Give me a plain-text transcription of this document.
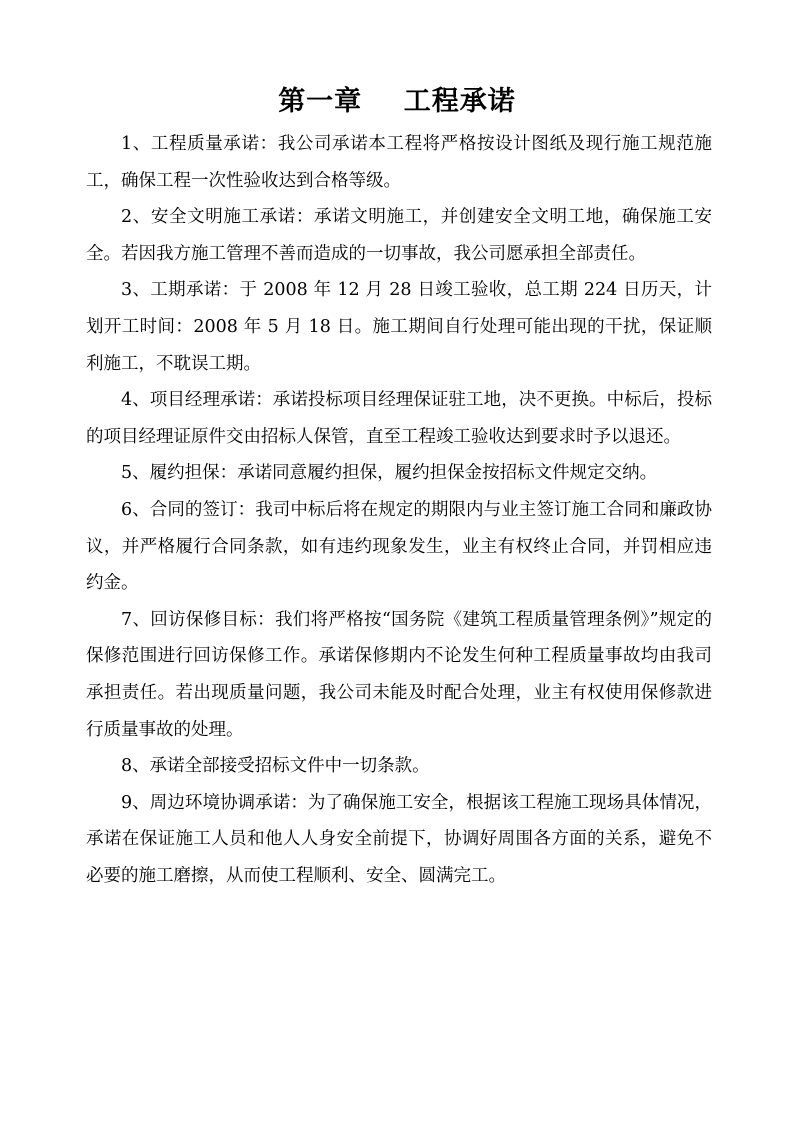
第一章    工程承诺

1、工程质量承诺：我公司承诺本工程将严格按设计图纸及现行施工规范施工，确保工程一次性验收达到合格等级。

2、安全文明施工承诺：承诺文明施工，并创建安全文明工地，确保施工安全。若因我方施工管理不善而造成的一切事故，我公司愿承担全部责任。

3、工期承诺：于 2008 年 12 月 28 日竣工验收，总工期 224 日历天，计划开工时间：2008 年 5 月 18 日。施工期间自行处理可能出现的干扰，保证顺利施工，不耽误工期。

4、项目经理承诺：承诺投标项目经理保证驻工地，决不更换。中标后，投标的项目经理证原件交由招标人保管，直至工程竣工验收达到要求时予以退还。

5、履约担保：承诺同意履约担保，履约担保金按招标文件规定交纳。

6、合同的签订：我司中标后将在规定的期限内与业主签订施工合同和廉政协议，并严格履行合同条款，如有违约现象发生，业主有权终止合同，并罚相应违约金。

7、回访保修目标：我们将严格按“国务院《建筑工程质量管理条例》”规定的保修范围进行回访保修工作。承诺保修期内不论发生何种工程质量事故均由我司承担责任。若出现质量问题，我公司未能及时配合处理，业主有权使用保修款进行质量事故的处理。

8、承诺全部接受招标文件中一切条款。

9、周边环境协调承诺：为了确保施工安全，根据该工程施工现场具体情况，承诺在保证施工人员和他人人身安全前提下，协调好周围各方面的关系，避免不必要的施工磨擦，从而使工程顺利、安全、圆满完工。
